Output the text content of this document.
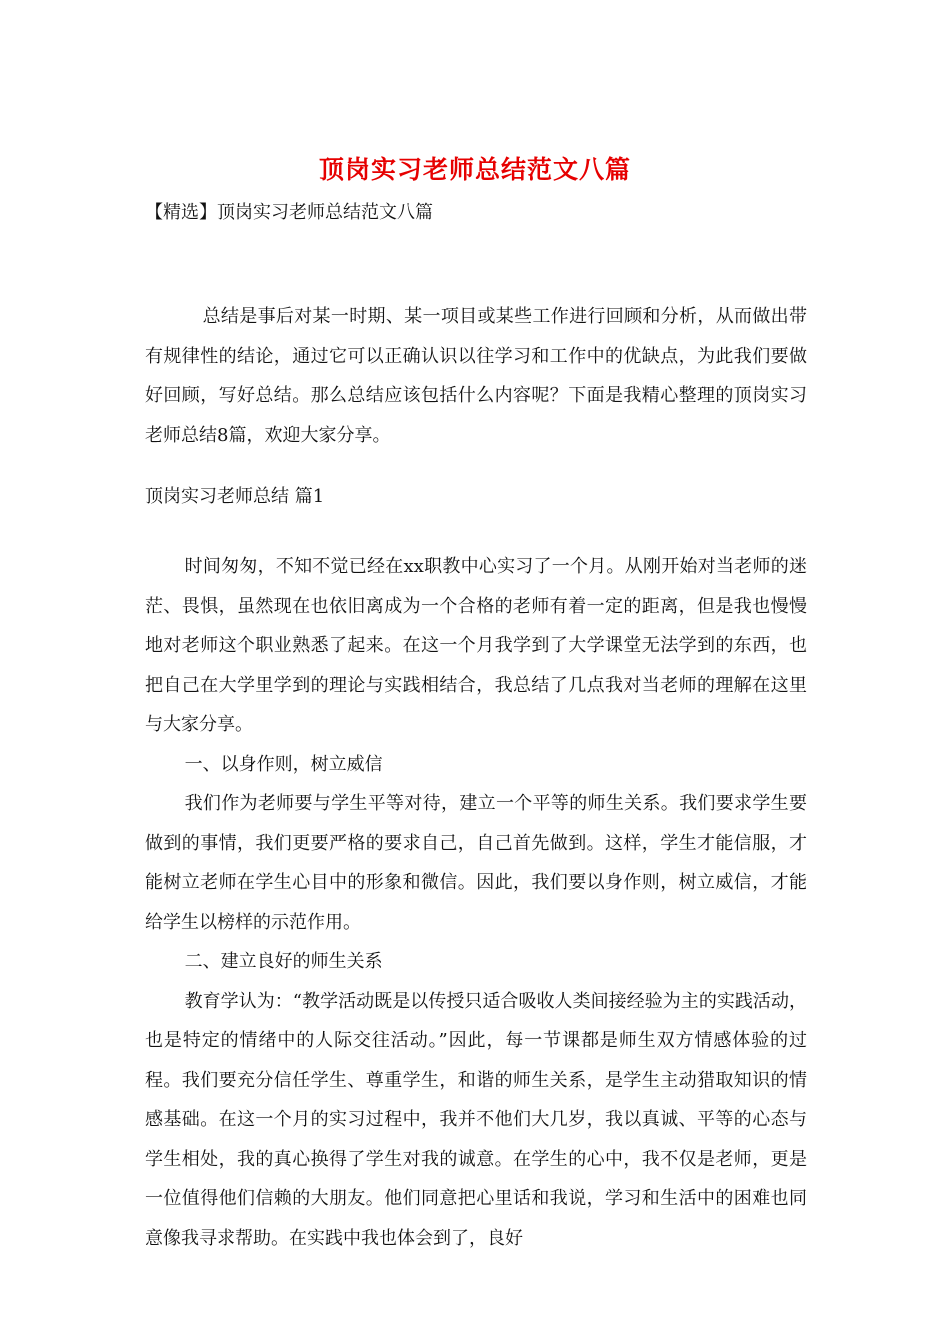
顶岗实习老师总结范文八篇
【精选】顶岗实习老师总结范文八篇
总结是事后对某一时期、某一项目或某些工作进行回顾和分析，从而做出带有规律性的结论，通过它可以正确认识以往学习和工作中的优缺点，为此我们要做好回顾，写好总结。那么总结应该包括什么内容呢？下面是我精心整理的顶岗实习老师总结8篇，欢迎大家分享。
顶岗实习老师总结 篇1

时间匆匆，不知不觉已经在xx职教中心实习了一个月。从刚开始对当老师的迷茫、畏惧，虽然现在也依旧离成为一个合格的老师有着一定的距离，但是我也慢慢地对老师这个职业熟悉了起来。在这一个月我学到了大学课堂无法学到的东西，也把自己在大学里学到的理论与实践相结合，我总结了几点我对当老师的理解在这里与大家分享。

一、以身作则，树立威信

我们作为老师要与学生平等对待，建立一个平等的师生关系。我们要求学生要做到的事情，我们更要严格的要求自己，自己首先做到。这样，学生才能信服，才能树立老师在学生心目中的形象和微信。因此，我们要以身作则，树立威信，才能给学生以榜样的示范作用。

二、建立良好的师生关系

教育学认为：“教学活动既是以传授只适合吸收人类间接经验为主的实践活动，也是特定的情绪中的人际交往活动。”因此，每一节课都是师生双方情感体验的过程。我们要充分信任学生、尊重学生，和谐的师生关系，是学生主动猎取知识的情感基础。在这一个月的实习过程中，我并不他们大几岁，我以真诚、平等的心态与学生相处，我的真心换得了学生对我的诚意。在学生的心中，我不仅是老师，更是一位值得他们信赖的大朋友。他们同意把心里话和我说，学习和生活中的困难也同意像我寻求帮助。在实践中我也体会到了，良好
